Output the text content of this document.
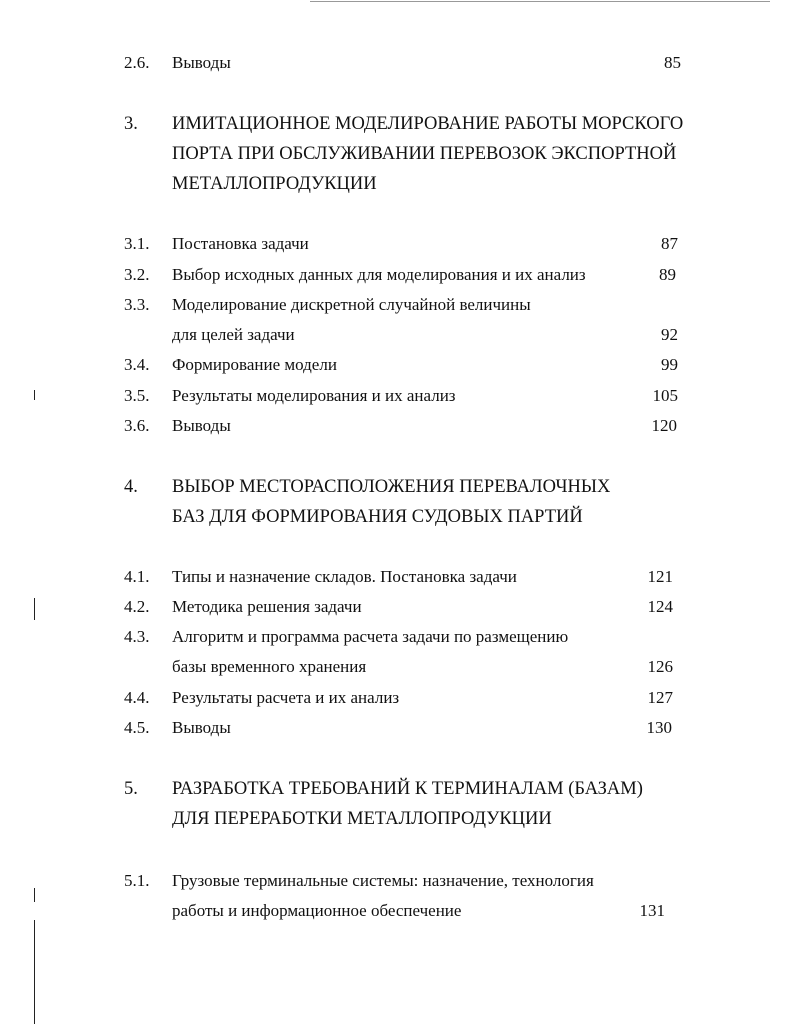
2.6. Выводы	85
3. ИМИТАЦИОННОЕ МОДЕЛИРОВАНИЕ РАБОТЫ МОРСКОГО
ПОРТА ПРИ ОБСЛУЖИВАНИИ ПЕРЕВОЗОК ЭКСПОРТНОЙ
МЕТАЛЛОПРОДУКЦИИ
3.1. Постановка задачи	87
3.2. Выбор исходных данных для моделирования и их анализ	89
3.3. Моделирование дискретной случайной величины
для целей задачи	92
3.4. Формирование модели	99
3.5. Результаты моделирования и их анализ	105
3.6. Выводы	120
4. ВЫБОР МЕСТОРАСПОЛОЖЕНИЯ ПЕРЕВАЛОЧНЫХ
БАЗ ДЛЯ ФОРМИРОВАНИЯ СУДОВЫХ ПАРТИЙ
4.1. Типы и назначение складов. Постановка задачи	121
4.2. Методика решения задачи	124
4.3. Алгоритм и программа расчета задачи по размещению
базы временного хранения	126
4.4. Результаты расчета и их анализ	127
4.5. Выводы	130
5. РАЗРАБОТКА ТРЕБОВАНИЙ К ТЕРМИНАЛАМ (БАЗАМ)
ДЛЯ ПЕРЕРАБОТКИ МЕТАЛЛОПРОДУКЦИИ
5.1. Грузовые терминальные системы: назначение, технология
работы и информационное обеспечение	131
